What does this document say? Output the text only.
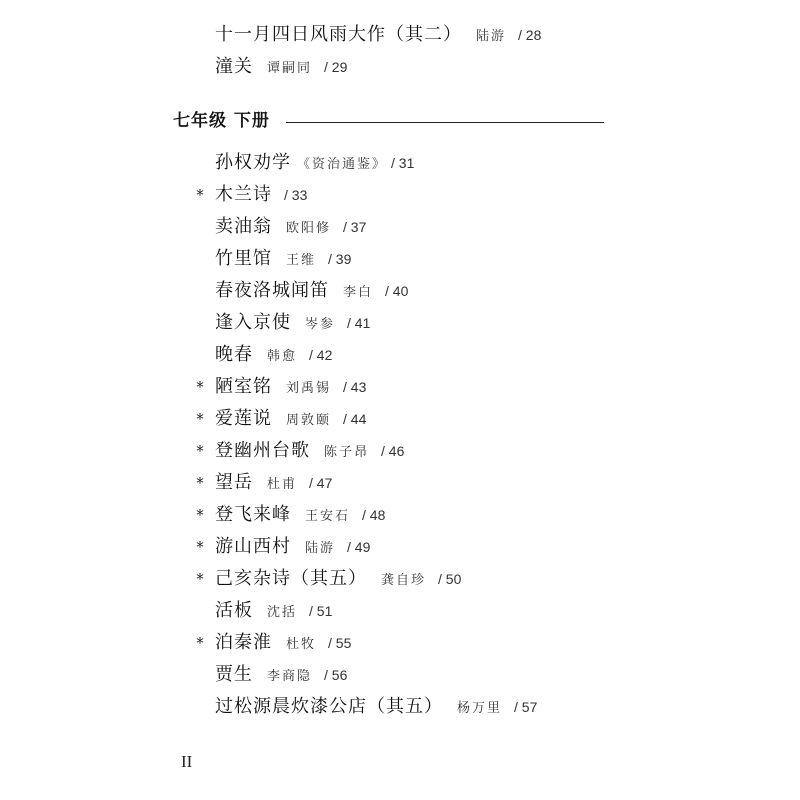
十一月四日风雨大作（其二） 陆游 / 28
潼关 谭嗣同 / 29
七年级 下册
孙权劝学 《资治通鉴》 / 31
* 木兰诗 / 33
卖油翁 欧阳修 / 37
竹里馆 王维 / 39
春夜洛城闻笛 李白 / 40
逢入京使 岑参 / 41
晚春 韩愈 / 42
* 陋室铭 刘禹锡 / 43
* 爱莲说 周敦颐 / 44
* 登幽州台歌 陈子昂 / 46
* 望岳 杜甫 / 47
* 登飞来峰 王安石 / 48
* 游山西村 陆游 / 49
* 己亥杂诗（其五） 龚自珍 / 50
活板 沈括 / 51
* 泊秦淮 杜牧 / 55
贾生 李商隐 / 56
过松源晨炊漆公店（其五） 杨万里 / 57
II
